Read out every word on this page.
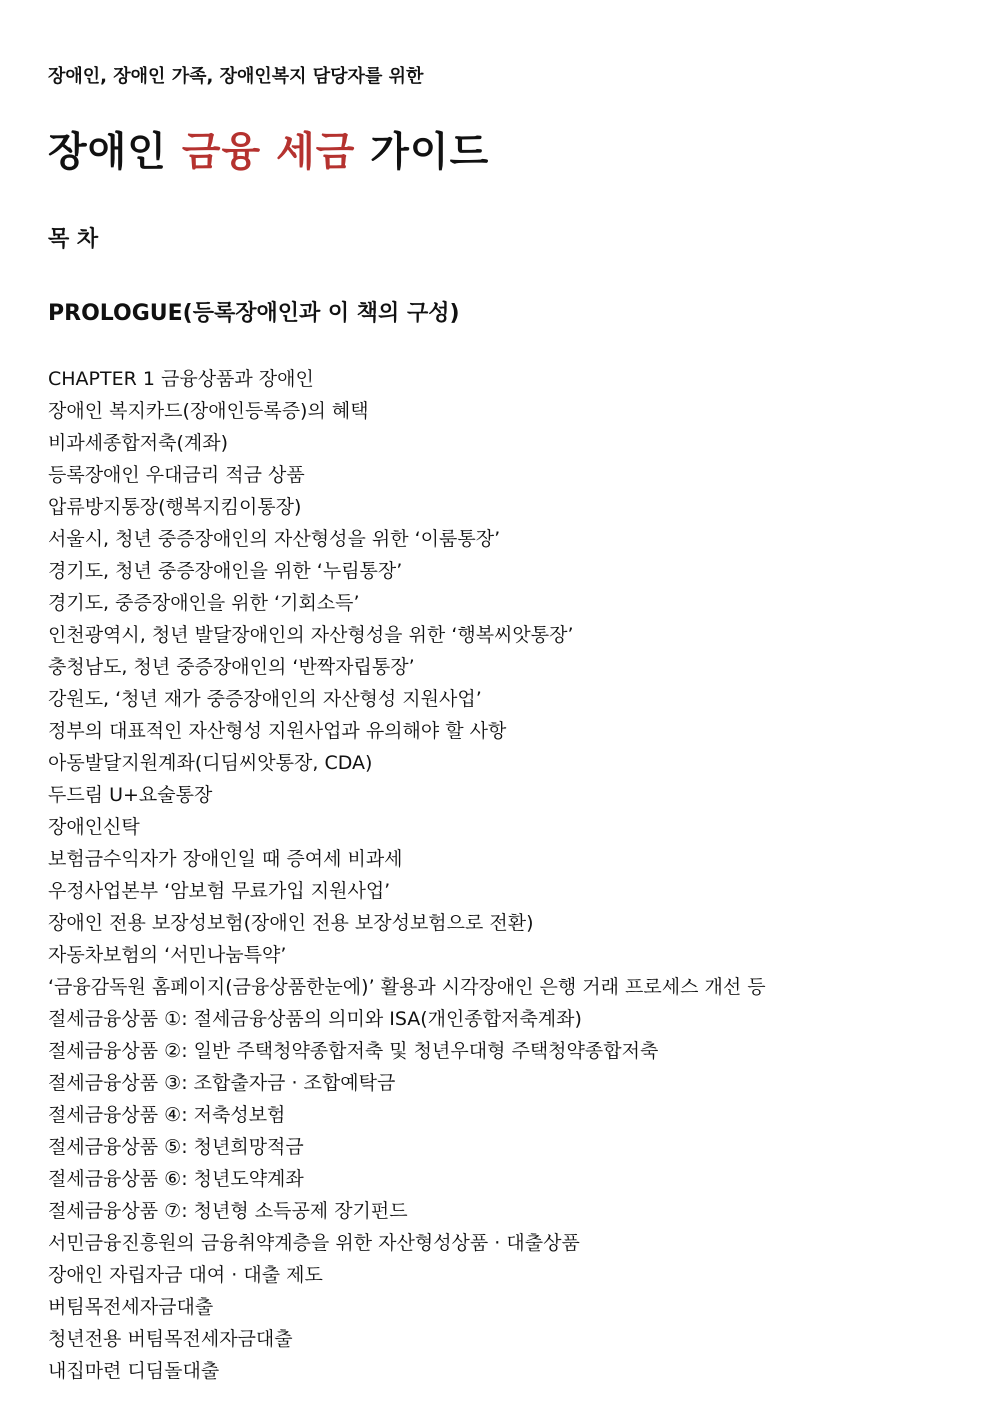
장애인, 장애인 가족, 장애인복지 담당자를 위한
장애인 금융 세금 가이드
목 차
PROLOGUE(등록장애인과 이 책의 구성)
CHAPTER 1 금융상품과 장애인
장애인 복지카드(장애인등록증)의 혜택
비과세종합저축(계좌)
등록장애인 우대금리 적금 상품
압류방지통장(행복지킴이통장)
서울시, 청년 중증장애인의 자산형성을 위한 ‘이룸통장’
경기도, 청년 중증장애인을 위한 ‘누림통장’
경기도, 중증장애인을 위한 ‘기회소득’
인천광역시, 청년 발달장애인의 자산형성을 위한 ‘행복씨앗통장’
충청남도, 청년 중증장애인의 ‘반짝자립통장’
강원도, ‘청년 재가 중증장애인의 자산형성 지원사업’
정부의 대표적인 자산형성 지원사업과 유의해야 할 사항
아동발달지원계좌(디딤씨앗통장, CDA)
두드림 U+요술통장
장애인신탁
보험금수익자가 장애인일 때 증여세 비과세
우정사업본부 ‘암보험 무료가입 지원사업’
장애인 전용 보장성보험(장애인 전용 보장성보험으로 전환)
자동차보험의 ‘서민나눔특약’
‘금융감독원 홈페이지(금융상품한눈에)’ 활용과 시각장애인 은행 거래 프로세스 개선 등
절세금융상품 ①: 절세금융상품의 의미와 ISA(개인종합저축계좌)
절세금융상품 ②: 일반 주택청약종합저축 및 청년우대형 주택청약종합저축
절세금융상품 ③: 조합출자금 · 조합예탁금
절세금융상품 ④: 저축성보험
절세금융상품 ⑤: 청년희망적금
절세금융상품 ⑥: 청년도약계좌
절세금융상품 ⑦: 청년형 소득공제 장기펀드
서민금융진흥원의 금융취약계층을 위한 자산형성상품 · 대출상품
장애인 자립자금 대여 · 대출 제도
버팀목전세자금대출
청년전용 버팀목전세자금대출
내집마련 디딤돌대출
